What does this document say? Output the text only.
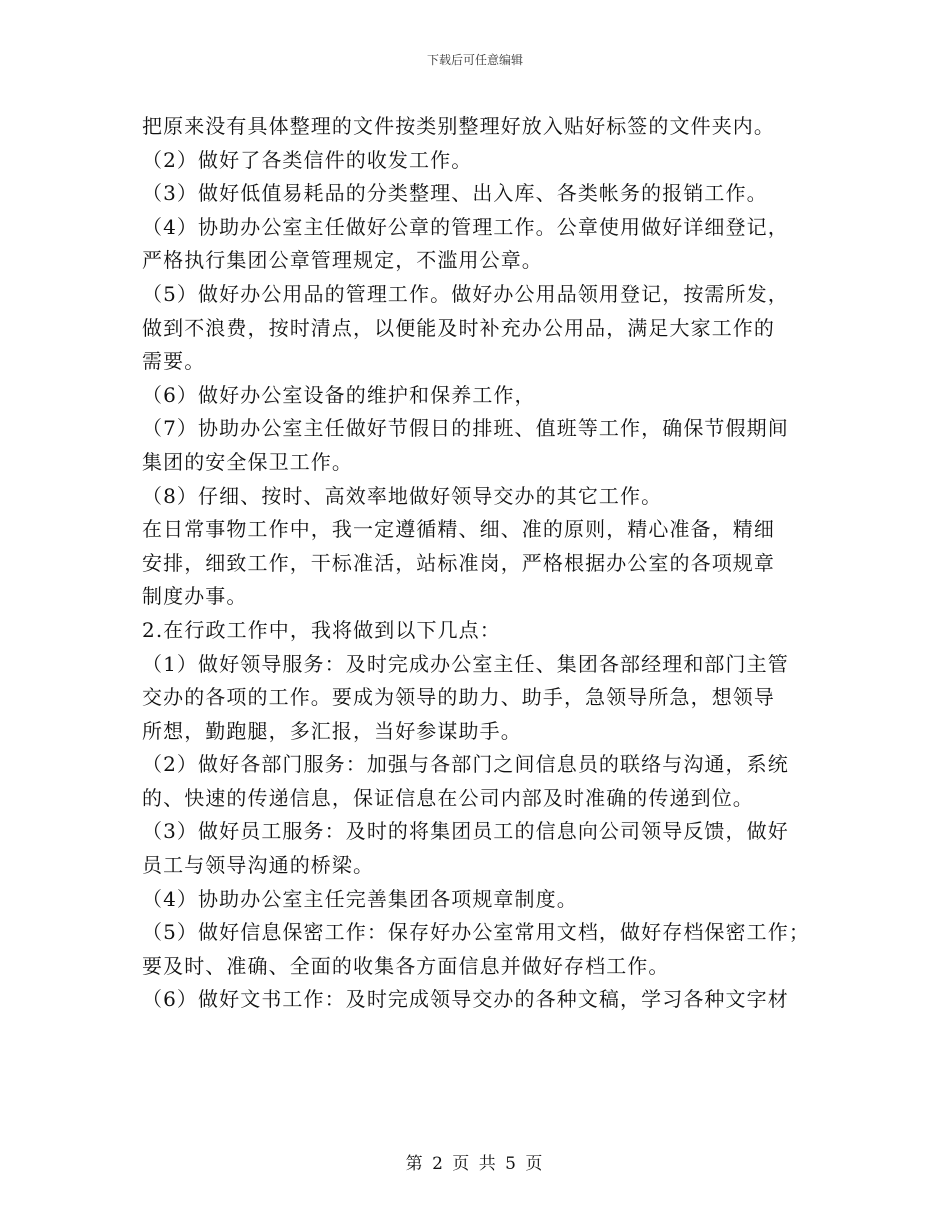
下载后可任意编辑
把原来没有具体整理的文件按类别整理好放入贴好标签的文件夹内。
（2）做好了各类信件的收发工作。
（3）做好低值易耗品的分类整理、出入库、各类帐务的报销工作。
（4）协助办公室主任做好公章的管理工作。公章使用做好详细登记，
严格执行集团公章管理规定，不滥用公章。
（5）做好办公用品的管理工作。做好办公用品领用登记，按需所发，
做到不浪费，按时清点，以便能及时补充办公用品，满足大家工作的
需要。
（6）做好办公室设备的维护和保养工作，
（7）协助办公室主任做好节假日的排班、值班等工作，确保节假期间
集团的安全保卫工作。
（8）仔细、按时、高效率地做好领导交办的其它工作。
在日常事物工作中，我一定遵循精、细、准的原则，精心准备，精细
安排，细致工作，干标准活，站标准岗，严格根据办公室的各项规章
制度办事。
2.在行政工作中，我将做到以下几点：
（1）做好领导服务：及时完成办公室主任、集团各部经理和部门主管
交办的各项的工作。要成为领导的助力、助手，急领导所急，想领导
所想，勤跑腿，多汇报，当好参谋助手。
（2）做好各部门服务：加强与各部门之间信息员的联络与沟通，系统
的、快速的传递信息，保证信息在公司内部及时准确的传递到位。
（3）做好员工服务：及时的将集团员工的信息向公司领导反馈，做好
员工与领导沟通的桥梁。
（4）协助办公室主任完善集团各项规章制度。
（5）做好信息保密工作：保存好办公室常用文档，做好存档保密工作；
要及时、准确、全面的收集各方面信息并做好存档工作。
（6）做好文书工作：及时完成领导交办的各种文稿，学习各种文字材
第 2 页 共 5 页
